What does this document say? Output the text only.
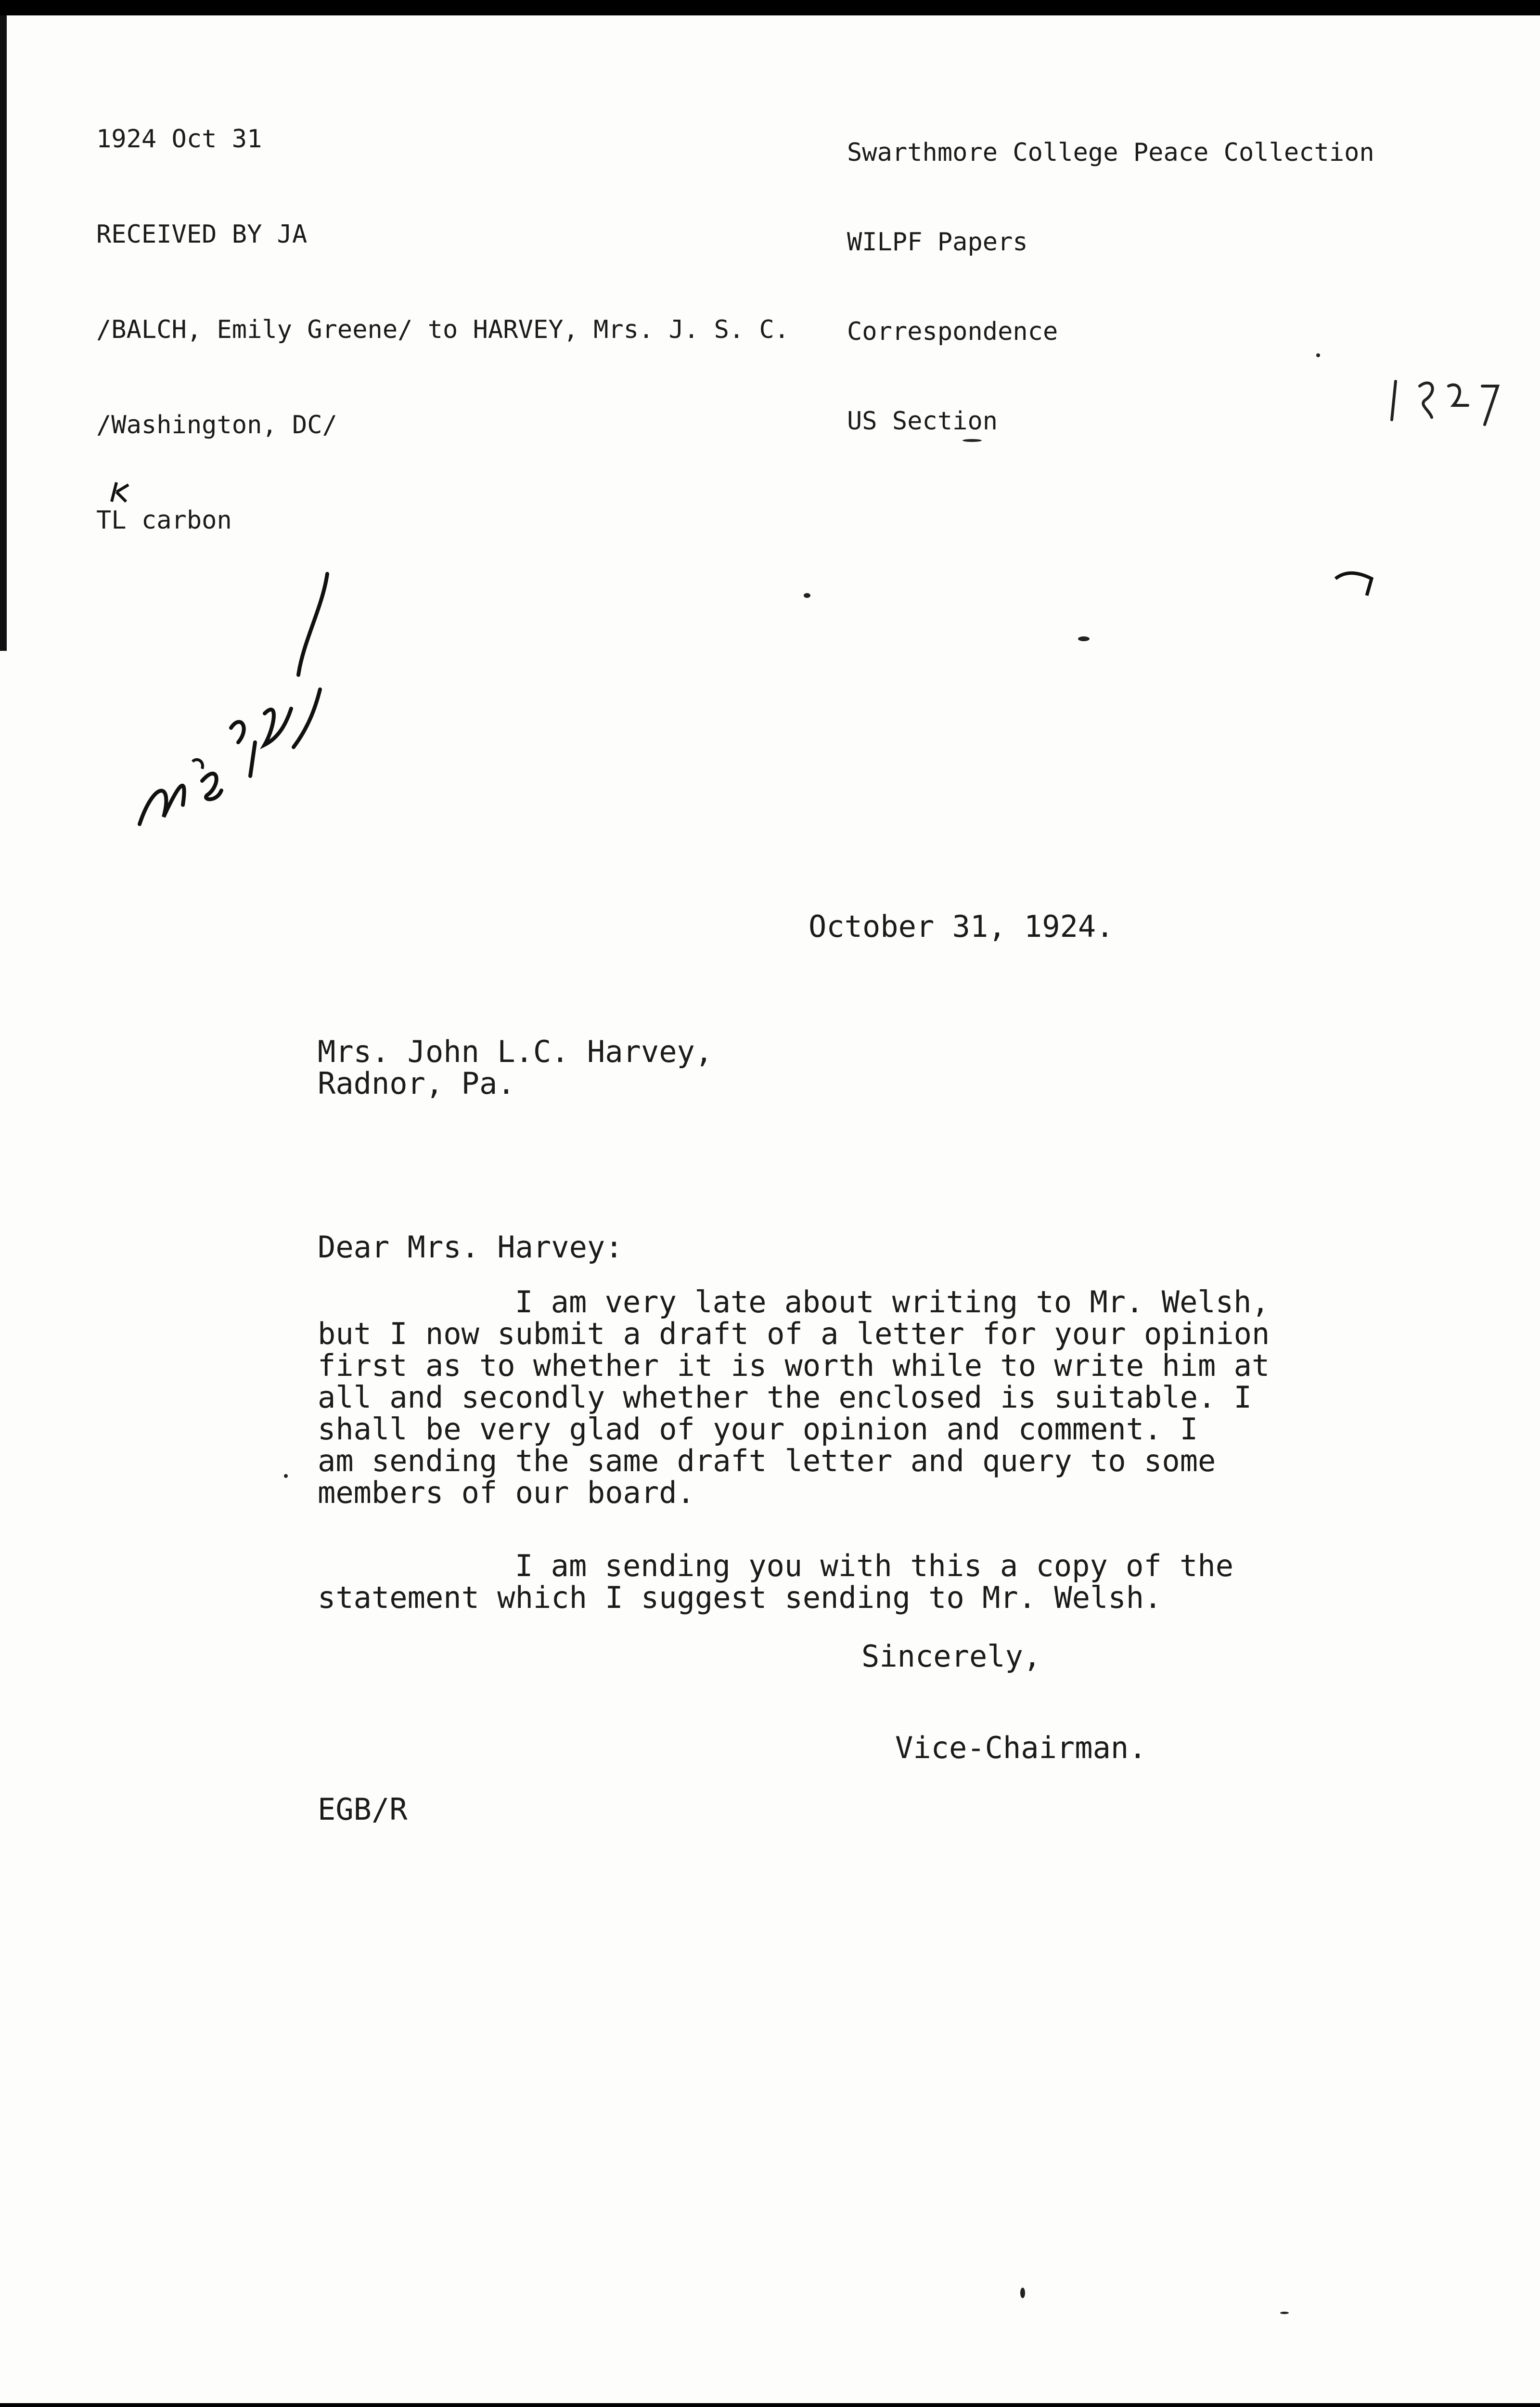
1924 Oct 31

RECEIVED BY JA

/BALCH, Emily Greene/ to HARVEY, Mrs. J. S. C.

/Washington, DC/

TL carbon

Swarthmore College Peace Collection

WILPF Papers

Correspondence

US Section

October 31, 1924.
Mrs. John L.C. Harvey,
Radnor, Pa.
Dear Mrs. Harvey:
I am very late about writing to Mr. Welsh,
but I now submit a draft of a letter for your opinion
first as to whether it is worth while to write him at
all and secondly whether the enclosed is suitable. I
shall be very glad of your opinion and comment. I
am sending the same draft letter and query to some
members of our board.
I am sending you with this a copy of the
statement which I suggest sending to Mr. Welsh.
Sincerely,
Vice-Chairman.
EGB/R
